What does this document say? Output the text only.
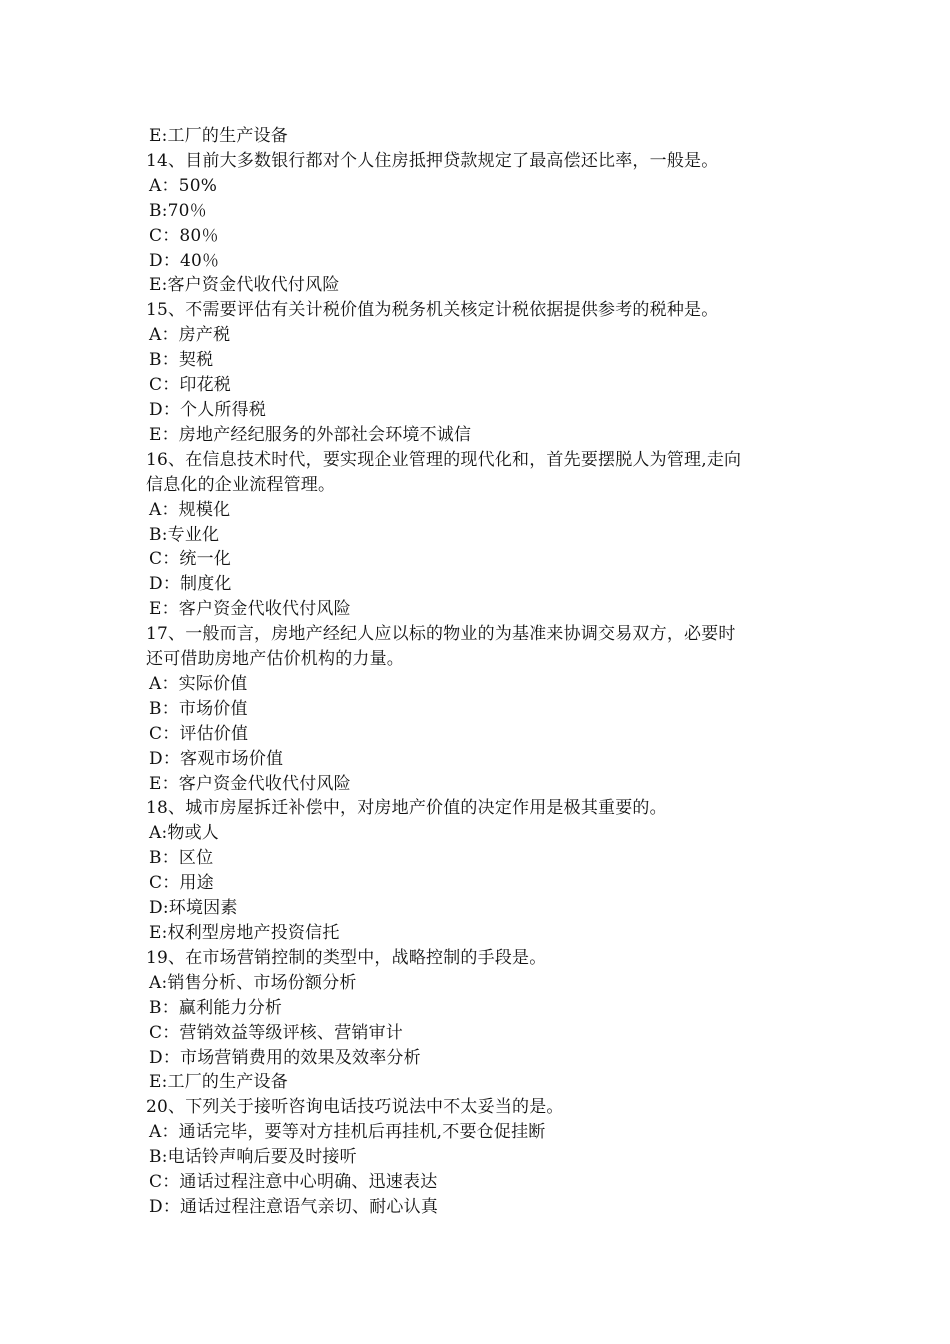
E:工厂的生产设备
14、目前大多数银行都对个人住房抵押贷款规定了最高偿还比率，一般是。
A：50%
B:70％
C：80％
D：40％
E:客户资金代收代付风险
15、不需要评估有关计税价值为税务机关核定计税依据提供参考的税种是。
A：房产税
B：契税
C：印花税
D：个人所得税
E：房地产经纪服务的外部社会环境不诚信
16、在信息技术时代，要实现企业管理的现代化和，首先要摆脱人为管理,走向
信息化的企业流程管理。
A：规模化
B:专业化
C：统一化
D：制度化
E：客户资金代收代付风险
17、一般而言，房地产经纪人应以标的物业的为基准来协调交易双方，必要时
还可借助房地产估价机构的力量。
A：实际价值
B：市场价值
C：评估价值
D：客观市场价值
E：客户资金代收代付风险
18、城市房屋拆迁补偿中，对房地产价值的决定作用是极其重要的。
A:物或人
B：区位
C：用途
D:环境因素
E:权利型房地产投资信托
19、在市场营销控制的类型中，战略控制的手段是。
A:销售分析、市场份额分析
B：赢利能力分析
C：营销效益等级评核、营销审计
D：市场营销费用的效果及效率分析
E:工厂的生产设备
20、下列关于接听咨询电话技巧说法中不太妥当的是。
A：通话完毕，要等对方挂机后再挂机,不要仓促挂断
B:电话铃声响后要及时接听
C：通话过程注意中心明确、迅速表达
D：通话过程注意语气亲切、耐心认真
